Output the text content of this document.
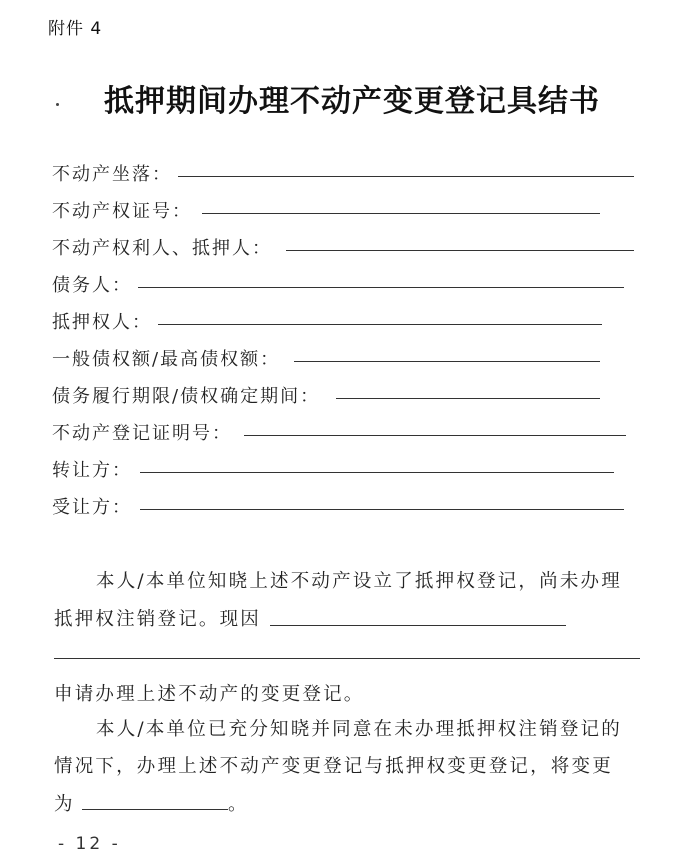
附件 4
抵押期间办理不动产变更登记具结书
不动产坐落：
不动产权证号：
不动产权利人、抵押人：
债务人：
抵押权人：
一般债权额/最高债权额：
债务履行期限/债权确定期间：
不动产登记证明号：
转让方：
受让方：
本人/本单位知晓上述不动产设立了抵押权登记，尚未办理
抵押权注销登记。现因
申请办理上述不动产的变更登记。
本人/本单位已充分知晓并同意在未办理抵押权注销登记的
情况下，办理上述不动产变更登记与抵押权变更登记，将变更
为	。
- 12 -
